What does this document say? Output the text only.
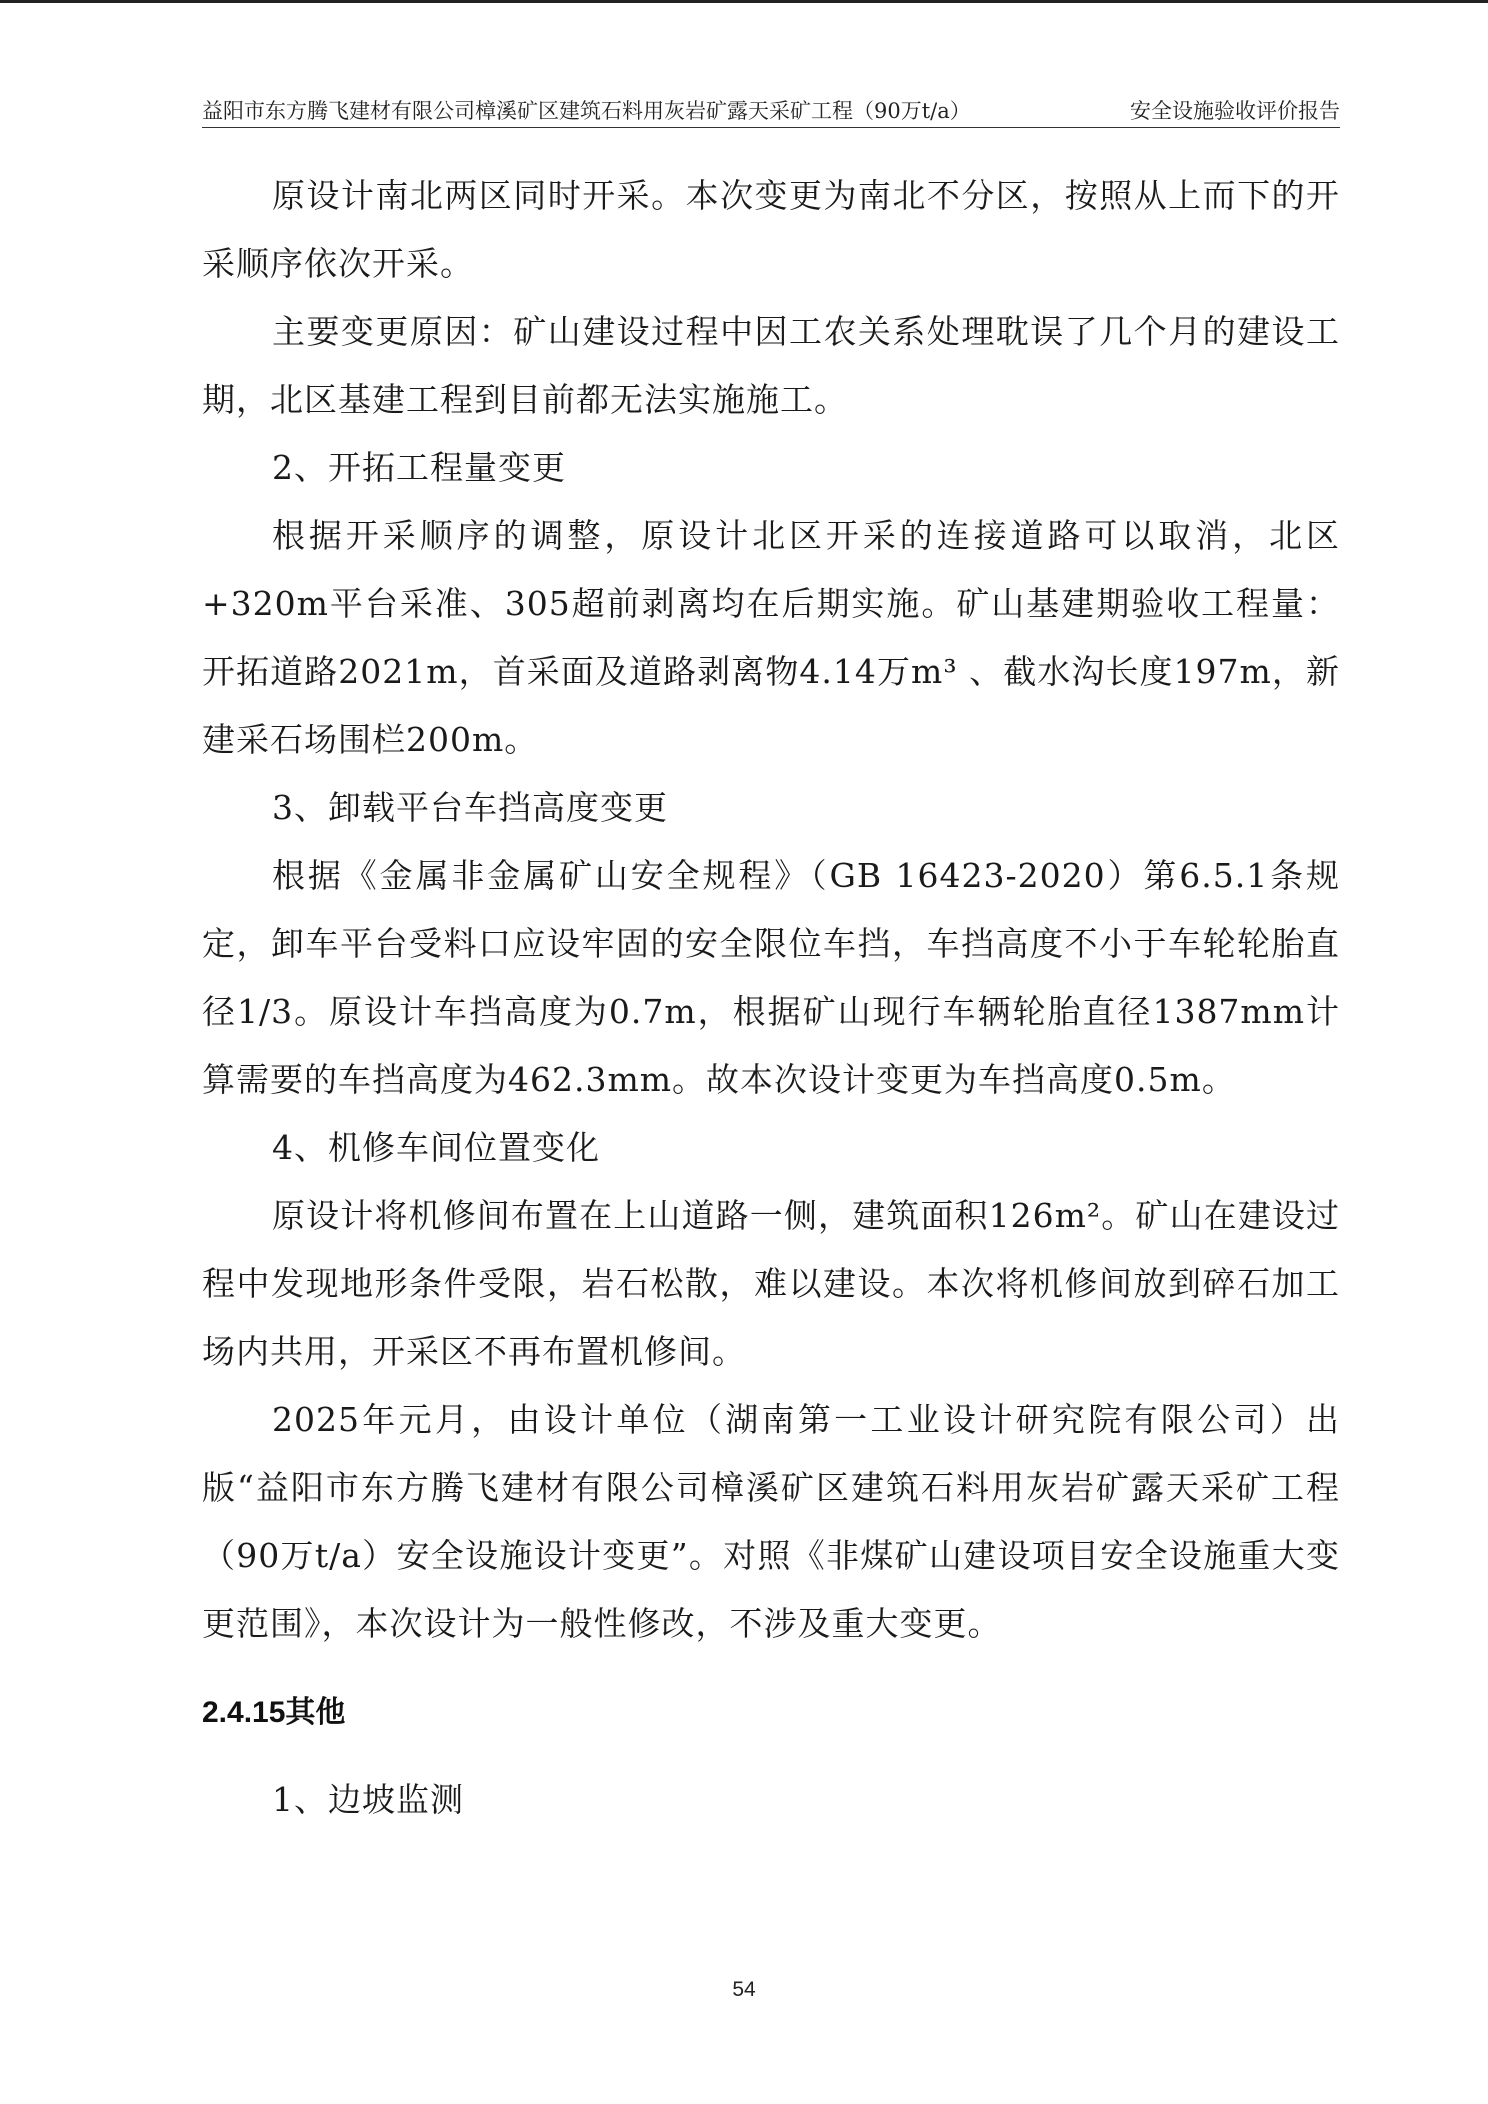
益阳市东方腾飞建材有限公司樟溪矿区建筑石料用灰岩矿露天采矿工程（90万t/a）	安全设施验收评价报告

原设计南北两区同时开采。本次变更为南北不分区，按照从上而下的开采顺序依次开采。

主要变更原因：矿山建设过程中因工农关系处理耽误了几个月的建设工期，北区基建工程到目前都无法实施施工。

2、开拓工程量变更

根据开采顺序的调整，原设计北区开采的连接道路可以取消，北区+320m平台采准、305超前剥离均在后期实施。矿山基建期验收工程量：开拓道路2021m，首采面及道路剥离物4.14万m³ 、截水沟长度197m，新建采石场围栏200m。

3、卸载平台车挡高度变更

根据《金属非金属矿山安全规程》（GB 16423-2020）第6.5.1条规定，卸车平台受料口应设牢固的安全限位车挡，车挡高度不小于车轮轮胎直径1/3。原设计车挡高度为0.7m，根据矿山现行车辆轮胎直径1387mm计算需要的车挡高度为462.3mm。故本次设计变更为车挡高度0.5m。

4、机修车间位置变化

原设计将机修间布置在上山道路一侧，建筑面积126m²。矿山在建设过程中发现地形条件受限，岩石松散，难以建设。本次将机修间放到碎石加工场内共用，开采区不再布置机修间。

2025年元月，由设计单位（湖南第一工业设计研究院有限公司）出版“益阳市东方腾飞建材有限公司樟溪矿区建筑石料用灰岩矿露天采矿工程（90万t/a）安全设施设计变更”。对照《非煤矿山建设项目安全设施重大变更范围》，本次设计为一般性修改，不涉及重大变更。

2.4.15其他

1、边坡监测

54
